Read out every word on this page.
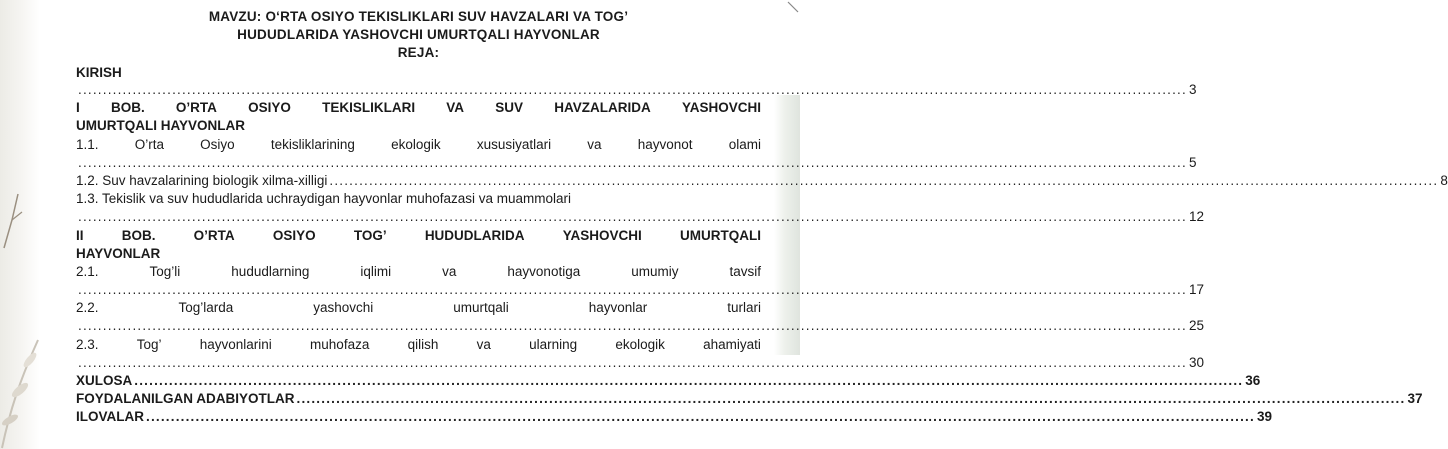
MAVZU: O‘RTA OSIYO TEKISLIKLARI SUV HAVZALARI VA TOG’
HUDUDLARIDA YASHOVCHI UMURTQALI HAYVONLAR
REJA:
KIRISH
................................................................................................................................................................................................................................ 3
I BOB. O’RTA OSIYO TEKISLIKLARI VA SUV HAVZALARIDA YASHOVCHI
UMURTQALI HAYVONLAR
1.1.	O’rta	Osiyo	tekisliklarining	ekologik	xususiyatlari	va	hayvonot	olami
................................................................................................................................................................................................................................ 5
1.2. Suv havzalarining biologik xilma-xilligi ................................................................................................................................................................................................................................ 8
1.3. Tekislik va suv hududlarida uchraydigan hayvonlar muhofazasi va muammolari
................................................................................................................................................................................................................................ 12
II	BOB.	O’RTA	OSIYO	TOG’	HUDUDLARIDA	YASHOVCHI	UMURTQALI
HAYVONLAR
2.1.	Tog’li	hududlarning	iqlimi	va	hayvonotiga	umumiy	tavsif
................................................................................................................................................................................................................................ 17
2.2.	Tog’larda	yashovchi	umurtqali	hayvonlar	turlari
................................................................................................................................................................................................................................ 25
2.3.	Tog’	hayvonlarini	muhofaza	qilish	va	ularning	ekologik	ahamiyati
................................................................................................................................................................................................................................ 30
XULOSA ................................................................................................................................................................................................................................ 36
FOYDALANILGAN ADABIYOTLAR ................................................................................................................................................................................................................................ 37
ILOVALAR ................................................................................................................................................................................................................................ 39
